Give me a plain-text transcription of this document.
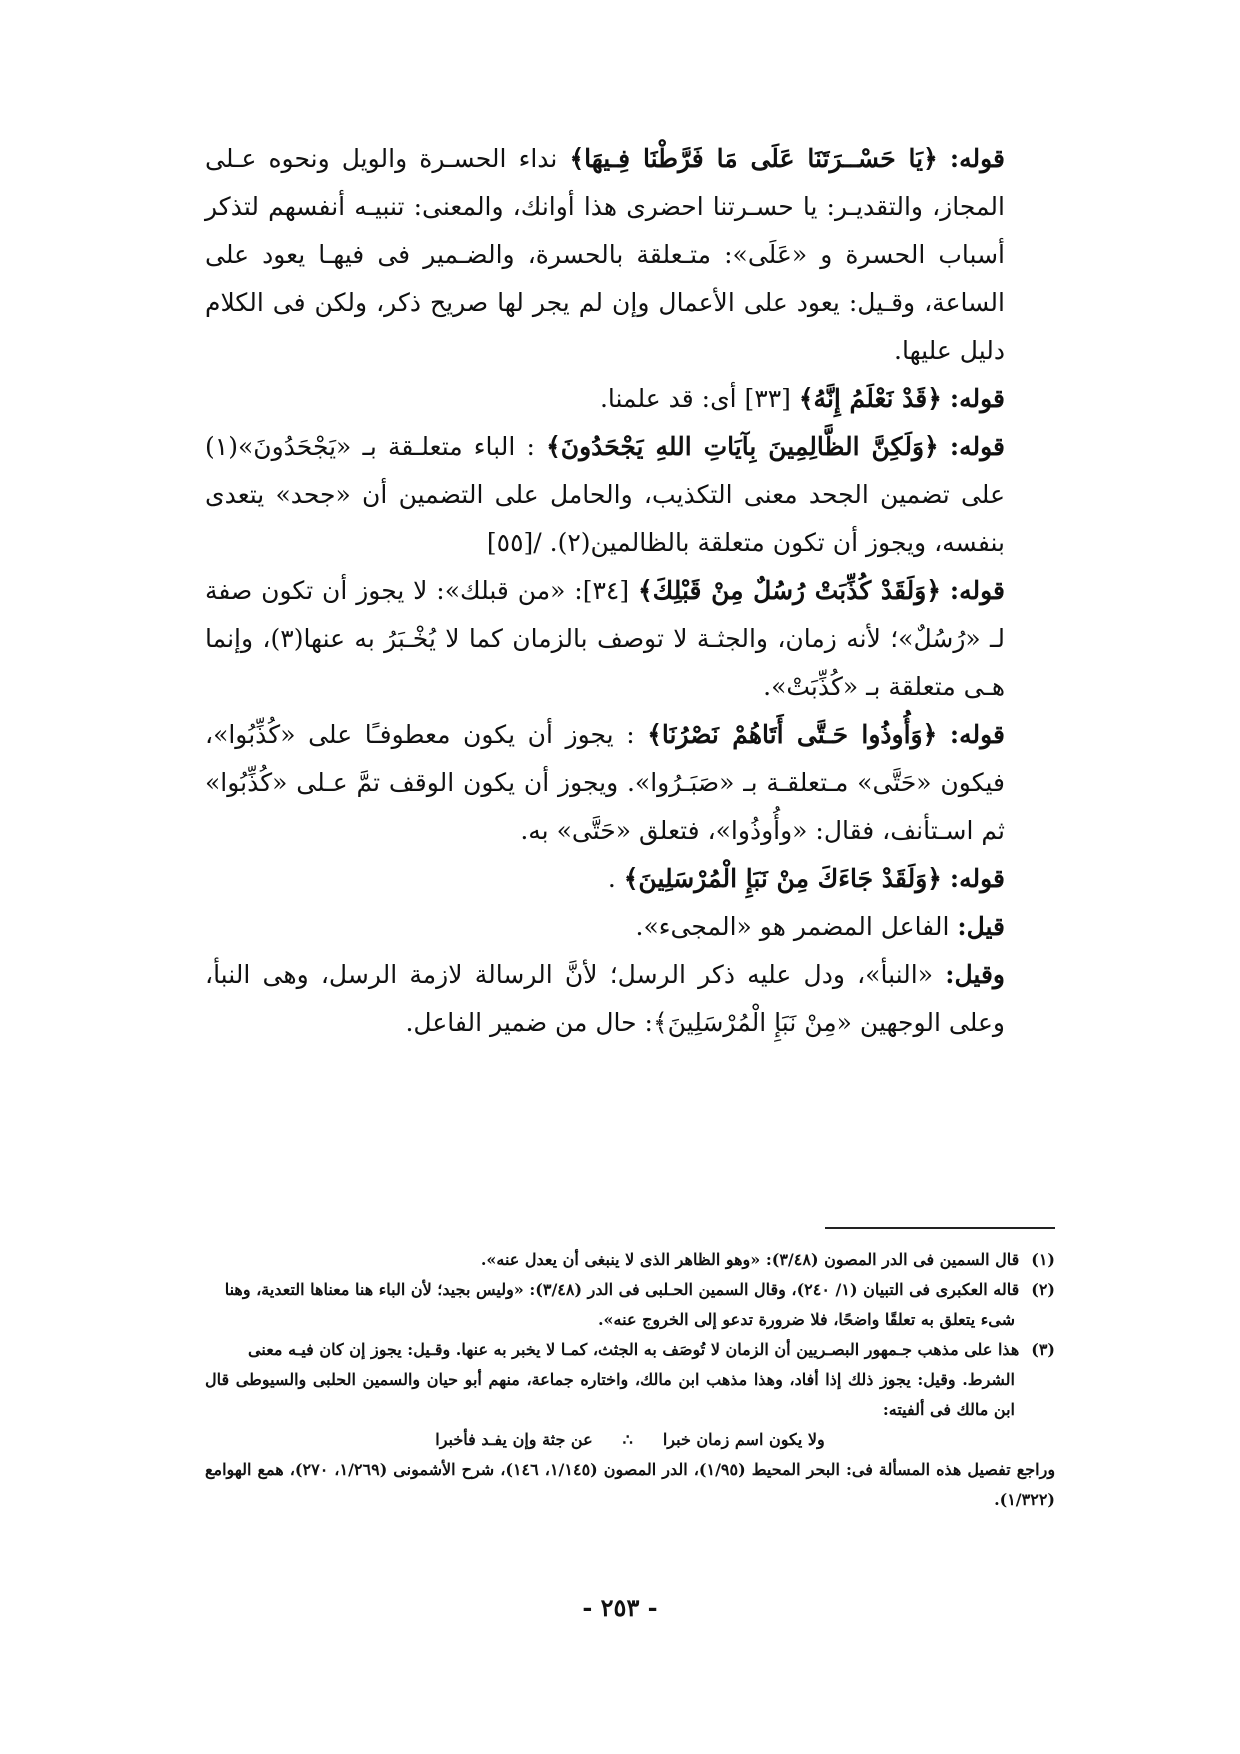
قوله: ﴿يَا حَسْــرَتَنَا عَلَى مَا فَرَّطْنَا فِـيهَا﴾ نداء الحسـرة والويل ونحوه عـلى المجاز، والتقديـر: يا حسـرتنا احضرى هذا أوانك، والمعنى: تنبيـه أنفسهم لتذكر أسباب الحسرة و «عَلَى»: متـعلقة بالحسرة، والضـمير فى فيهـا يعود على الساعة، وقـيل: يعود على الأعمال وإن لم يجر لها صريح ذكر، ولكن فى الكلام دليل عليها.

قوله: ﴿قَدْ نَعْلَمُ إِنَّهُ﴾ [٣٣] أى: قد علمنا.

قوله: ﴿وَلَكِنَّ الظَّالِمِينَ بِآيَاتِ اللهِ يَجْحَدُونَ﴾ : الباء متعلـقة بـ «يَجْحَدُونَ»(١) على تضمين الجحد معنى التكذيب، والحامل على التضمين أن «جحد» يتعدى بنفسه، ويجوز أن تكون متعلقة بالظالمين(٢). /[٥٥]

قوله: ﴿وَلَقَدْ كُذِّبَتْ رُسُلٌ مِنْ قَبْلِكَ﴾ [٣٤]: «من قبلك»: لا يجوز أن تكون صفة لـ «رُسُلٌ»؛ لأنه زمان، والجثـة لا توصف بالزمان كما لا يُخْـبَرُ به عنها(٣)، وإنما هـى متعلقة بـ «كُذِّبَتْ».

قوله: ﴿وَأُوذُوا حَـتَّى أَتَاهُمْ نَصْرُنَا﴾ : يجوز أن يكون معطوفـًا على «كُذِّبُوا»، فيكون «حَتَّى» مـتعلقـة بـ «صَبَـرُوا». ويجوز أن يكون الوقف تمَّ عـلى «كُذِّبُوا» ثم اسـتأنف، فقال: «وأُوذُوا»، فتعلق «حَتَّى» به.

قوله: ﴿وَلَقَدْ جَاءَكَ مِنْ نَبَإِ الْمُرْسَلِينَ﴾ .

قيل: الفاعل المضمر هو «المجىء».

وقيل: «النبأ»، ودل عليه ذكر الرسل؛ لأنَّ الرسالة لازمة الرسل، وهى النبأ، وعلى الوجهين «مِنْ نَبَإِ الْمُرْسَلِينَ﴾: حال من ضمير الفاعل.

(١)قال السمين فى الدر المصون (٣/٤٨): «وهو الظاهر الذى لا ينبغى أن يعدل عنه».

(٢)قاله العكبرى فى التبيان (١/ ٢٤٠)، وقال السمين الحـلبى فى الدر (٣/٤٨): «وليس بجيد؛ لأن الباء هنا معناها التعدية، وهنا

شىء يتعلق به تعلقًا واضحًا، فلا ضرورة تدعو إلى الخروج عنه».

(٣)هذا على مذهب جـمهور البصـريين أن الزمان لا تُوصَف به الجثث، كمـا لا يخبر به عنها. وقـيل: يجوز إن كان فيـه معنى

الشرط. وقيل: يجوز ذلك إذا أفاد، وهذا مذهب ابن مالك، واختاره جماعة، منهم أبو حيان والسمين الحلبى والسيوطى قال ابن مالك فى ألفيته:

ولا يكون اسم زمان خبرا∴عن جثة وإن يفـد فأخبرا

وراجع تفصيل هذه المسألة فى: البحر المحيط (١/٩٥)، الدر المصون (١/١٤٥، ١٤٦)، شرح الأشمونى (١/٢٦٩، ٢٧٠)، همع الهوامع (١/٣٢٢).

- ٢٥٣ -
